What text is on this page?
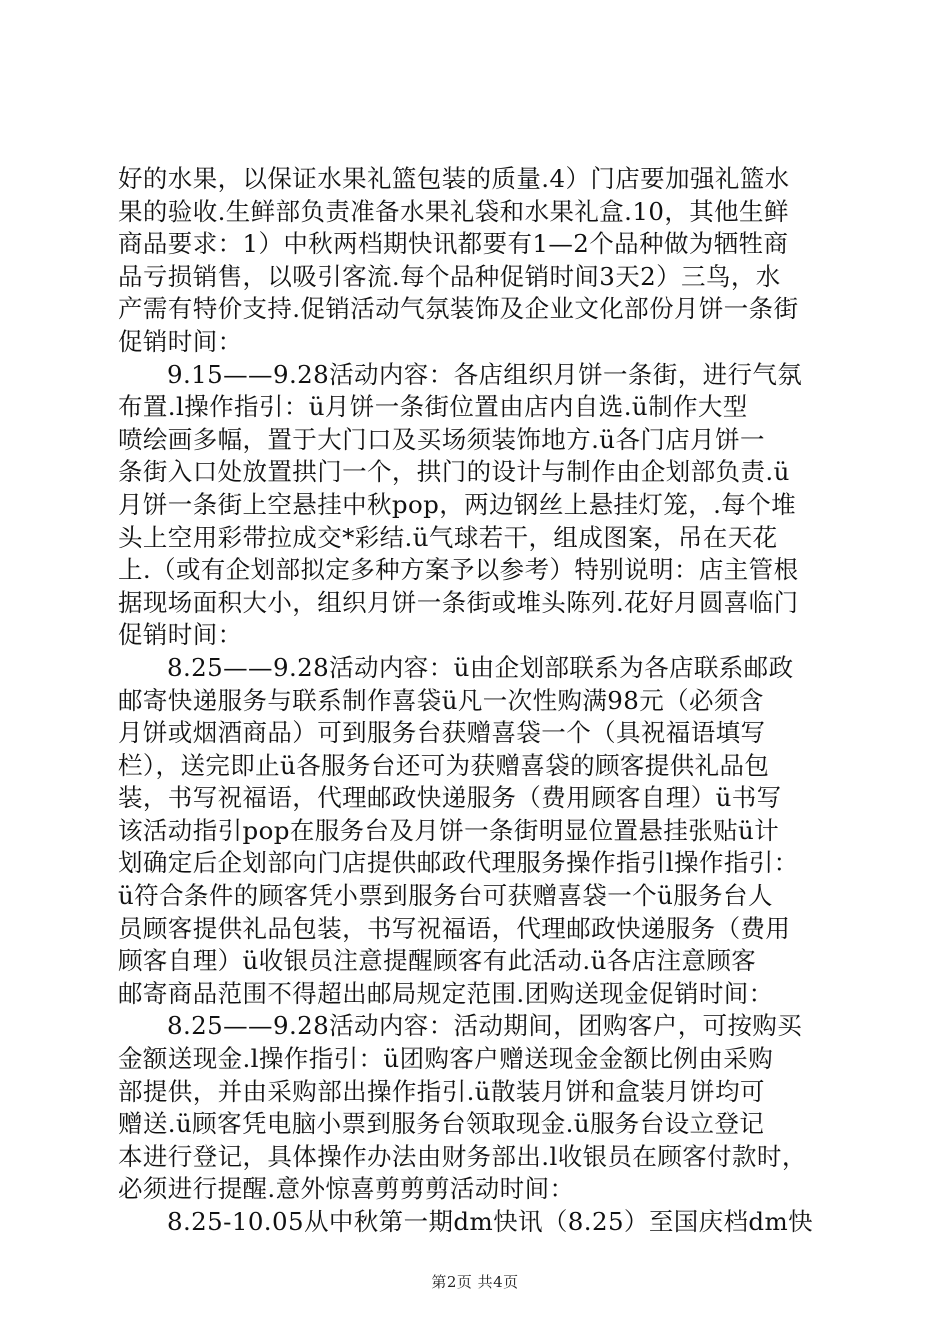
好的水果，以保证水果礼篮包装的质量.4）门店要加强礼篮水
果的验收.生鲜部负责准备水果礼袋和水果礼盒.10，其他生鲜
商品要求：1）中秋两档期快讯都要有1—2个品种做为牺牲商
品亏损销售，以吸引客流.每个品种促销时间3天2）三鸟，水
产需有特价支持.促销活动气氛装饰及企业文化部份月饼一条街
促销时间：
9.15——9.28活动内容：各店组织月饼一条街，进行气氛
布置.l操作指引：ü月饼一条街位置由店内自选.ü制作大型
喷绘画多幅，置于大门口及买场须装饰地方.ü各门店月饼一
条街入口处放置拱门一个，拱门的设计与制作由企划部负责.ü
月饼一条街上空悬挂中秋pop，两边钢丝上悬挂灯笼，.每个堆
头上空用彩带拉成交*彩结.ü气球若干，组成图案，吊在天花
上.（或有企划部拟定多种方案予以参考）特别说明：店主管根
据现场面积大小，组织月饼一条街或堆头陈列.花好月圆喜临门
促销时间：
8.25——9.28活动内容：ü由企划部联系为各店联系邮政
邮寄快递服务与联系制作喜袋ü凡一次性购满98元（必须含
月饼或烟酒商品）可到服务台获赠喜袋一个（具祝福语填写
栏），送完即止ü各服务台还可为获赠喜袋的顾客提供礼品包
装，书写祝福语，代理邮政快递服务（费用顾客自理）ü书写
该活动指引pop在服务台及月饼一条街明显位置悬挂张贴ü计
划确定后企划部向门店提供邮政代理服务操作指引l操作指引：
ü符合条件的顾客凭小票到服务台可获赠喜袋一个ü服务台人
员顾客提供礼品包装，书写祝福语，代理邮政快递服务（费用
顾客自理）ü收银员注意提醒顾客有此活动.ü各店注意顾客
邮寄商品范围不得超出邮局规定范围.团购送现金促销时间：
8.25——9.28活动内容：活动期间，团购客户，可按购买
金额送现金.l操作指引：ü团购客户赠送现金金额比例由采购
部提供，并由采购部出操作指引.ü散装月饼和盒装月饼均可
赠送.ü顾客凭电脑小票到服务台领取现金.ü服务台设立登记
本进行登记，具体操作办法由财务部出.l收银员在顾客付款时，
必须进行提醒.意外惊喜剪剪剪活动时间：
8.25-10.05从中秋第一期dm快讯（8.25）至国庆档dm快
第2页 共4页
